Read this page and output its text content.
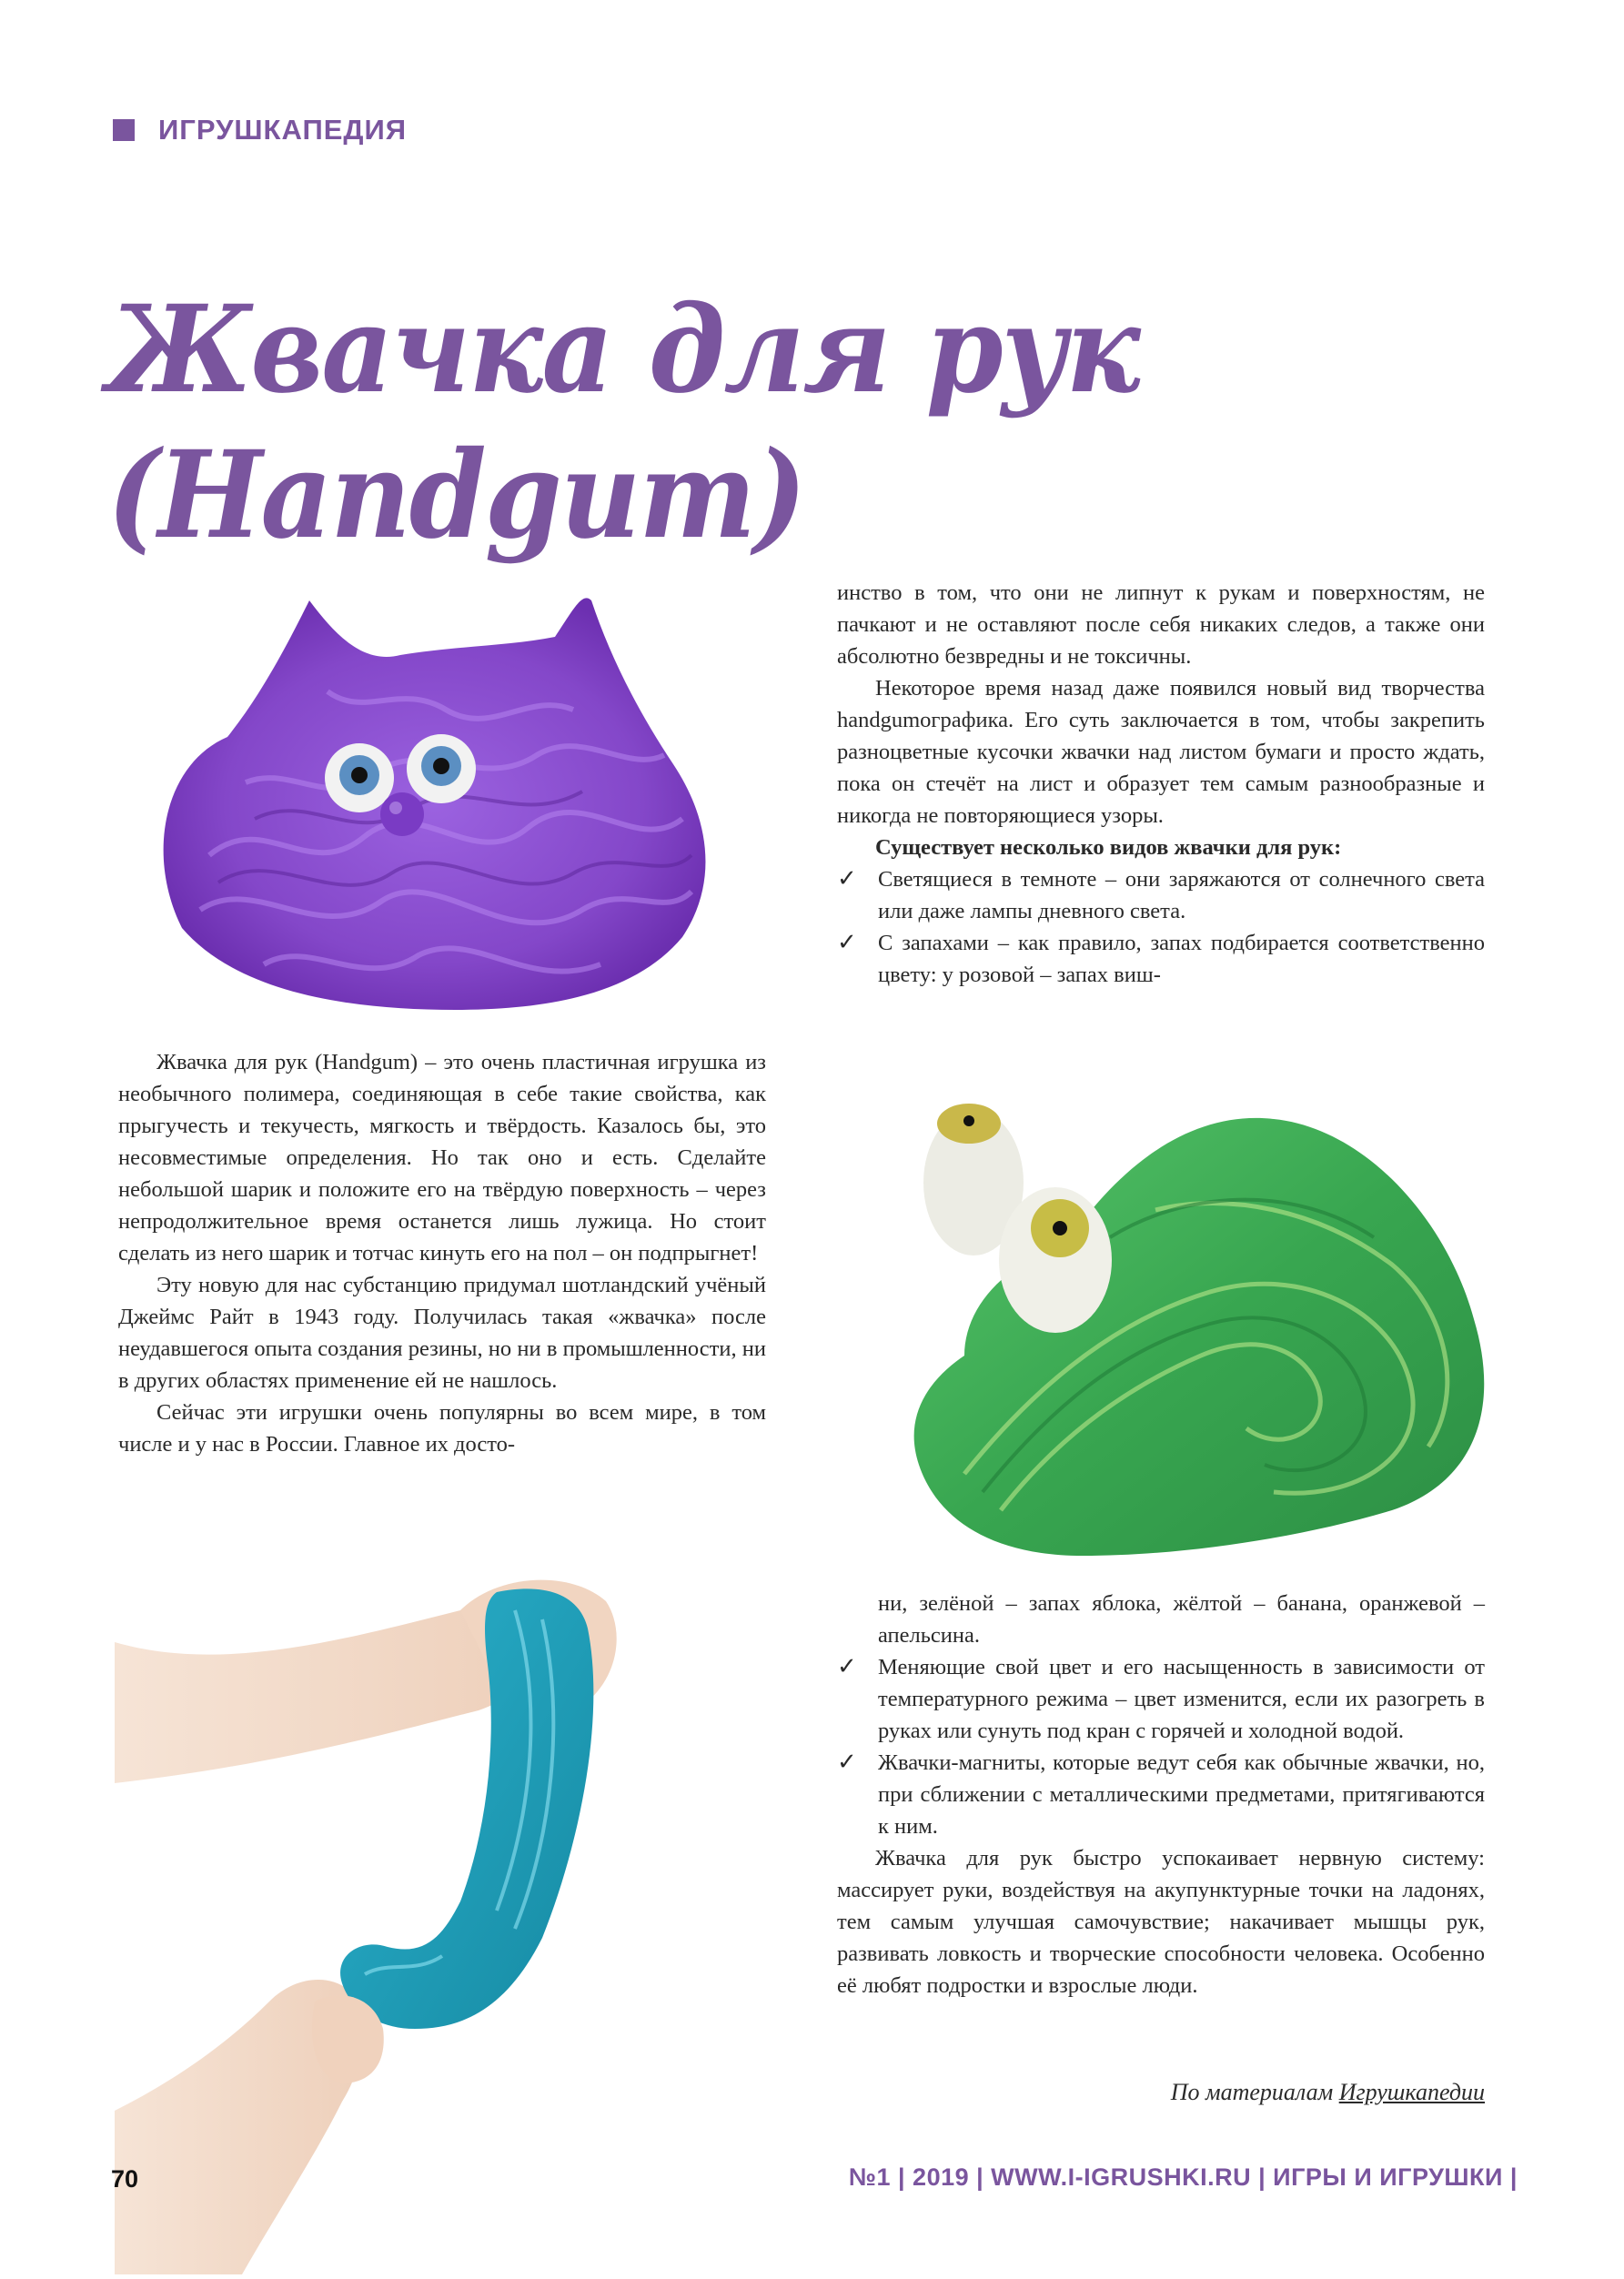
ИГРУШКАПЕДИЯ
Жвачка для рук
(Handgum)

инство в том, что они не липнут к рукам и поверхностям, не пачкают и не оставляют после себя никаких следов, а также они абсолютно безвредны и не токсичны.

Некоторое время назад даже появился новый вид творчества handgumографика. Его суть заключается в том, чтобы закрепить разноцветные кусочки жвачки над листом бумаги и просто ждать, пока он стечёт на лист и образует тем самым разнообразные и никогда не повторяющиеся узоры.

Существует несколько видов жвачки для рук:

✓ Светящиеся в темноте – они заряжаются от солнечного света или даже лампы дневного света.
✓ С запахами – как правило, запах подбирается соответственно цвету: у розовой – запах виш-

Жвачка для рук (Handgum) – это очень пластичная игрушка из необычного полимера, соединяющая в себе такие свойства, как прыгучесть и текучесть, мягкость и твёрдость. Казалось бы, это несовместимые определения. Но так оно и есть. Сделайте небольшой шарик и положите его на твёрдую поверхность – через непродолжительное время останется лишь лужица. Но стоит сделать из него шарик и тотчас кинуть его на пол – он подпрыгнет!

Эту новую для нас субстанцию придумал шотландский учёный Джеймс Райт в 1943 году. Получилась такая «жвачка» после неудавшегося опыта создания резины, но ни в промышленности, ни в других областях применение ей не нашлось.

Сейчас эти игрушки очень популярны во всем мире, в том числе и у нас в России. Главное их досто-

ни, зелёной – запах яблока, жёлтой – банана, оранжевой – апельсина.
✓ Меняющие свой цвет и его насыщенность в зависимости от температурного режима – цвет изменится, если их разогреть в руках или сунуть под кран с горячей и холодной водой.
✓ Жвачки-магниты, которые ведут себя как обычные жвачки, но, при сближении с металлическими предметами, притягиваются к ним.

Жвачка для рук быстро успокаивает нервную систему: массирует руки, воздействуя на акупунктурные точки на ладонях, тем самым улучшая самочувствие; накачивает мышцы рук, развивать ловкость и творческие способности человека. Особенно её любят подростки и взрослые люди.

По материалам Игрушкапедии
70	№1 | 2019 | WWW.I-IGRUSHKI.RU | ИГРЫ И ИГРУШКИ |
